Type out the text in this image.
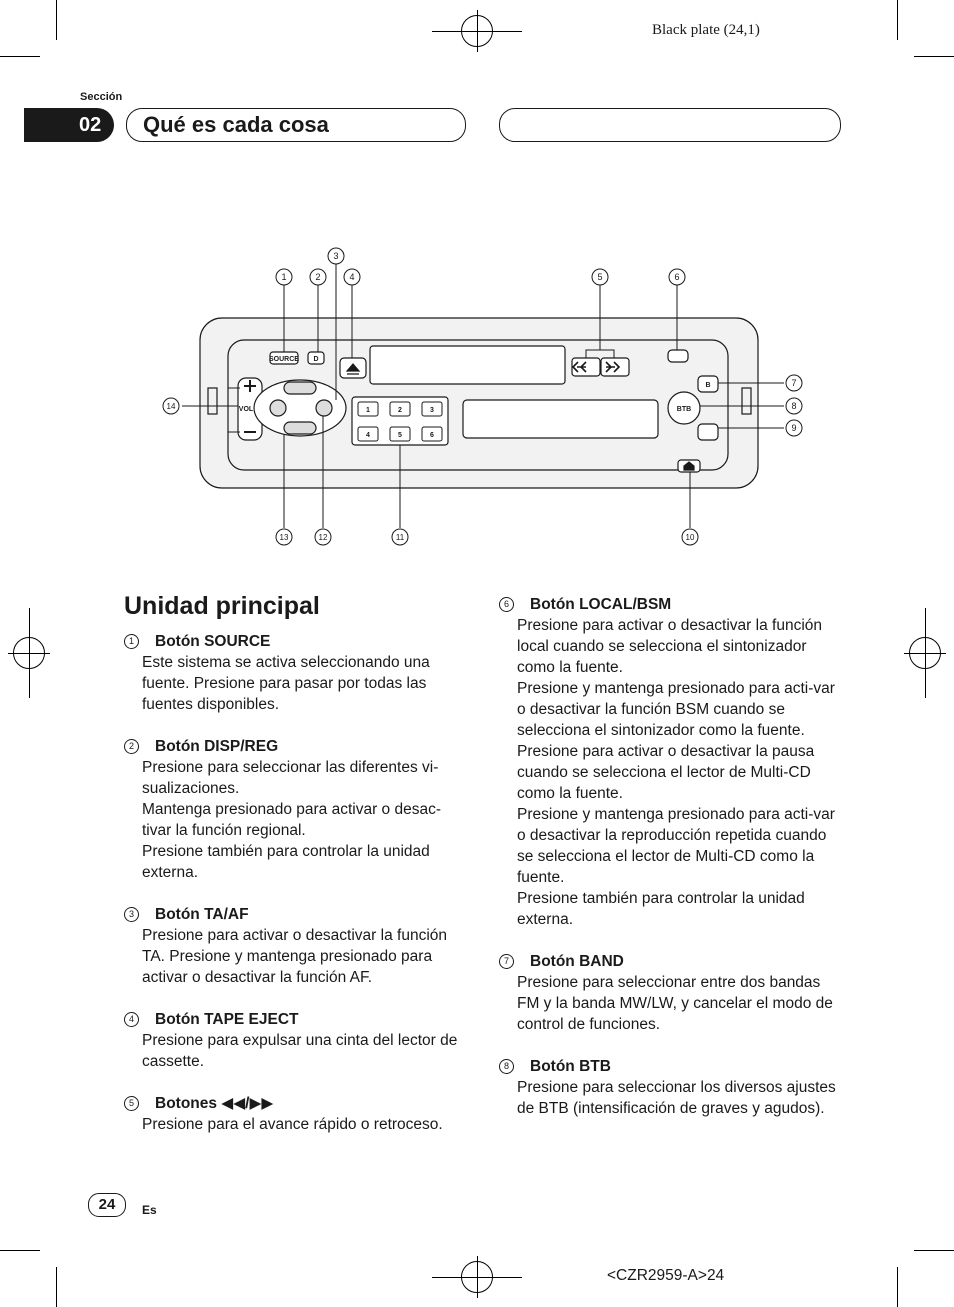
Black plate (24,1)
Sección
02	Qué es cada cosa
SOURCE D
VOL	BTB
B
1	2	3
4	5	6
1	2
3
4	5	6
7
8
9
10
11
12
13
14
Unidad principal
1	Botón SOURCE

Este sistema se activa seleccionando una fuente. Presione para pasar por todas las fuentes disponibles.

2	Botón DISP/REG

Presione para seleccionar las diferentes vi-sualizaciones.

Mantenga presionado para activar o desac-tivar la función regional.

Presione también para controlar la unidad externa.

3	Botón TA/AF

Presione para activar o desactivar la función TA. Presione y mantenga presionado para activar o desactivar la función AF.

4	Botón TAPE EJECT

Presione para expulsar una cinta del lector de cassette.

5	Botones ◀◀/▶▶

Presione para el avance rápido o retroceso.

6	Botón LOCAL/BSM

Presione para activar o desactivar la función local cuando se selecciona el sintonizador como la fuente.

Presione y mantenga presionado para acti-var o desactivar la función BSM cuando se selecciona el sintonizador como la fuente.

Presione para activar o desactivar la pausa cuando se selecciona el lector de Multi-CD como la fuente.

Presione y mantenga presionado para acti-var o desactivar la reproducción repetida cuando se selecciona el lector de Multi-CD como la fuente.

Presione también para controlar la unidad externa.

7	Botón BAND

Presione para seleccionar entre dos bandas FM y la banda MW/LW, y cancelar el modo de control de funciones.

8	Botón BTB

Presione para seleccionar los diversos ajustes de BTB (intensificación de graves y agudos).

24	Es
<CZR2959-A>24
